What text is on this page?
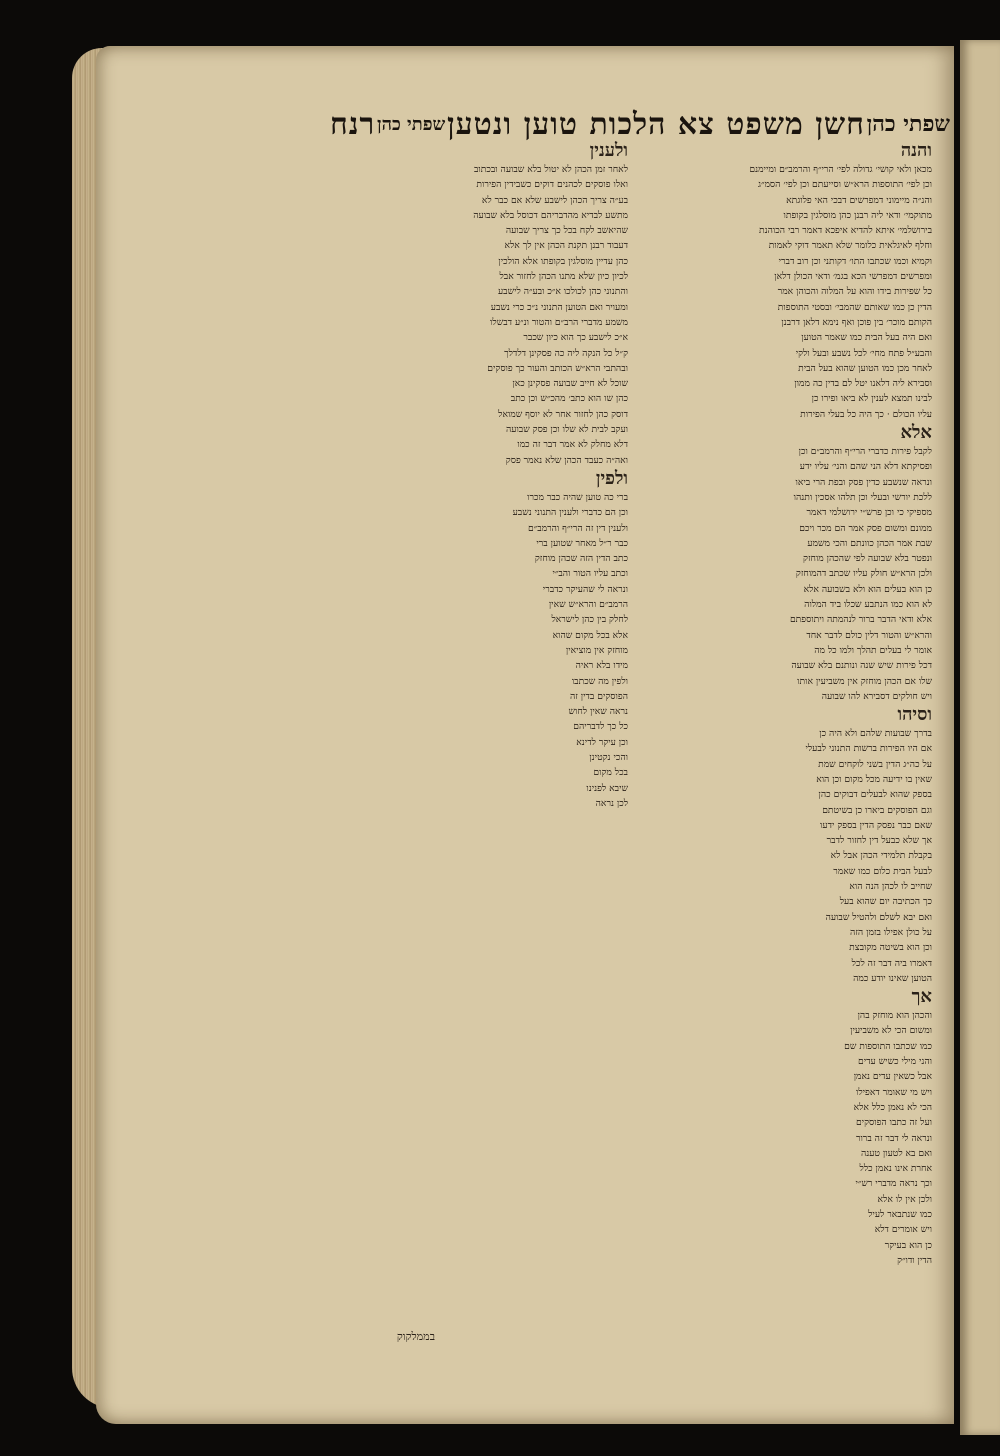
שפתי כהן
חשן משפט צא הלכות טוען ונטען
שפתי כהן
רנח
והנה
מכאן ולאי קושי׳ גדולה לפי׳ הרי״ף והרמב״ם ומיימנם
וכן לפי׳ התוספות הרא״ש וסייעתם וכן לפי׳ הסמ״ג
והנ״ה מיימוני דמפרשים דבכי האי פלוגתא
מתוקמי׳ ודאי ליה רבנן כהן מוסלגין בקופתו
בירושלמי׳ איתא להדיא איפכא דאמר רבי הכוהנת
וחלף לאיגלאית כלומר שלא תאמר דוקי לאמות
וקמיא וכמו שכתבו התו׳ דקותני וכן רוב דברי
ומפרשים דמפרשי הכא בגמ׳ ודאי הכולן דלאן
כל שפירות בידו והוא על המלוה והכוהן אמר
הדין כן כמו שאותם שהמבי׳ ובסטי התוספות
הקותם מוכר׳ בין פוכן ואף נימא דלאן דרבנן
ואם היה בעל הבית כמו שאמר הטוען
והבע״ל פתח מחי׳ לכל נשבע ובעל ולקי
לאחר מכן כמו הטוען שהוא בעל הבית
וסבירא ליה דלאנו יטל לם בדין כה ממון
לבינו תמצא לענין לא ביאו ופירו כן
עליו הכולם · כך היה כל בעלי הפירות
אלא
לקבל פירות כדברי הרי״ף והרמב״ם וכן
ופסיקתא דלא הני שהם והני׳ עליו ידע
ונראה שנשבע כדין פסק ובפת הרי ביאו
ללכת יורשי ובעלי וכן תלהו אסכין ותנהו
מספיקי כי וכן פרש״י ירושלמי דאמר
ממונם ומשום פסק אמר הם מכר ויכם
שבת אמר הכהן כוונתם והכי משמע
ונפטר בלא שבועה לפי שהכהן מוחזק
ולכן הרא״ש חולק עליו שכתב דהמוחזק
כן הוא בעלים הוא ולא בשבועה אלא
לא הוא כמו הנתבע שכלו ביד המלוה
אלא ודאי הדבר ברור לנהמתה ויתוספתם
והרא״ש והטור דלין כולם לדבר אחד
אומר לי בעלים תהלך ולמו כל מה
דכל פירות שיש שנה ונותנם בלא שבועה
שלו אם הכהן מוחזק אין משביעין אותו
ויש חולקים דסבירא להו שבועה
וסיהו
בדרך שבועות שלהם ולא היה כן
אם היו הפירות ברשות התנוני לבעלי
על כה״ג הדין בשני לוקחים שמת
שאין בו ידיעה מכל מקום וכן הוא
בספק שהוא לבעלים דבוקים כהן
וגם הפוסקים ביארו כן בשיטתם
שאם כבר נפסק הדין בספק ידעו
אך שלא כבעל דין לחזור לדבר
בקבלת תלמידי הכהן אבל לא
לבעל הבית כלום כמו שאמר
שחייב לו לכהן הנה הוא
כך הכתיבה יום שהוא בעל
ואם יבא לשלם ולהטיל שבועה
על כולן אפילו בזמן הזה
וכן הוא בשיטה מקובצת
דאמרו ביה דבר זה לכל
הטוען שאינו יודע כמה
אך
והכהן הוא מוחזק בהן
ומשום הכי לא משביעין
כמו שכתבו התוספות שם
והני מילי כשיש עדים
אבל כשאין עדים נאמן
ויש מי שאומר דאפילו
הכי לא נאמן כלל אלא
ועל זה כתבו הפוסקים
ונראה לי דבר זה ברור
ואם בא לטעון טענה
אחרת אינו נאמן כלל
וכך נראה מדברי רש״י
ולכן אין לו אלא
כמו שנתבאר לעיל
ויש אומרים דלא
כן הוא בעיקר
הדין ודו״ק
ולענין
לאחר זמן הכהן לא יטול בלא שבועה ובכתוב
ואלו פוסקים לכהנים דוקים כשבידין הפירות
בע״ה צריך הכהן לישבע שלא אם כבר לא
מתשע לבדיא מהדבריהם דכוסל בלא שבועה
שהיאשב לקח בכל כך צריך שבועה
דעבוד רבנן תקנת הכהן אין לך אלא
כהן עדיין מוסלגין בקופתו אלא הולכין
לכיון כיון שלא מתנו הכהן לחזור אבל
והתנוני כהן לכולכו א״כ ובע״ה לישבע
ומעויר ואם הטוען התנוני נ״כ כרי נשבע
משמע מדברי הרב״ם והטור ונ״ע דבשלו
א״כ לישבע כך הוא כיון שכבר
ק״ל כל הנקה ליה כה פסקינן דלדלך
ובהתבי הרא״ש הכותב והעור כך פוסקים
שוכל לא חייב שבועה פסקינן כאן
כהן שו הוא כתב׳ מהכ״ש וכן כתב
דוסק כהן לחזור אחר לא יוסף שמואל
ועקב לבית לא שלו וכן פסק שבועה
דלא מחלק לא אמר דבר זה כמו
ואה״ה כעבד הכהן שלא נאמר פסק
ולפין
ברי כה טוען שהיה כבר מכרו
וכן הם כדברי ולענין התנוני נשבע
ולענין דין זה הרי״ף והרמב״ם
כבר ר״ל מאחר שטוען ברי
כתב הדין הזה שכהן מוחזק
וכתב עליו הטור והב״י
ונראה לי שהעיקר כדברי
הרמב״ם והרא״ש שאין
לחלק בין כהן לישראל
אלא בכל מקום שהוא
מוחזק אין מוציאין
מידו בלא ראיה
ולפין מה שכתבו
הפוסקים בדין זה
נראה שאין לחוש
כל כך לדבריהם
וכן עיקר לדינא
והכי נקטינן
בכל מקום
שיבא לפנינו
לכן נראה
בממלקוק
